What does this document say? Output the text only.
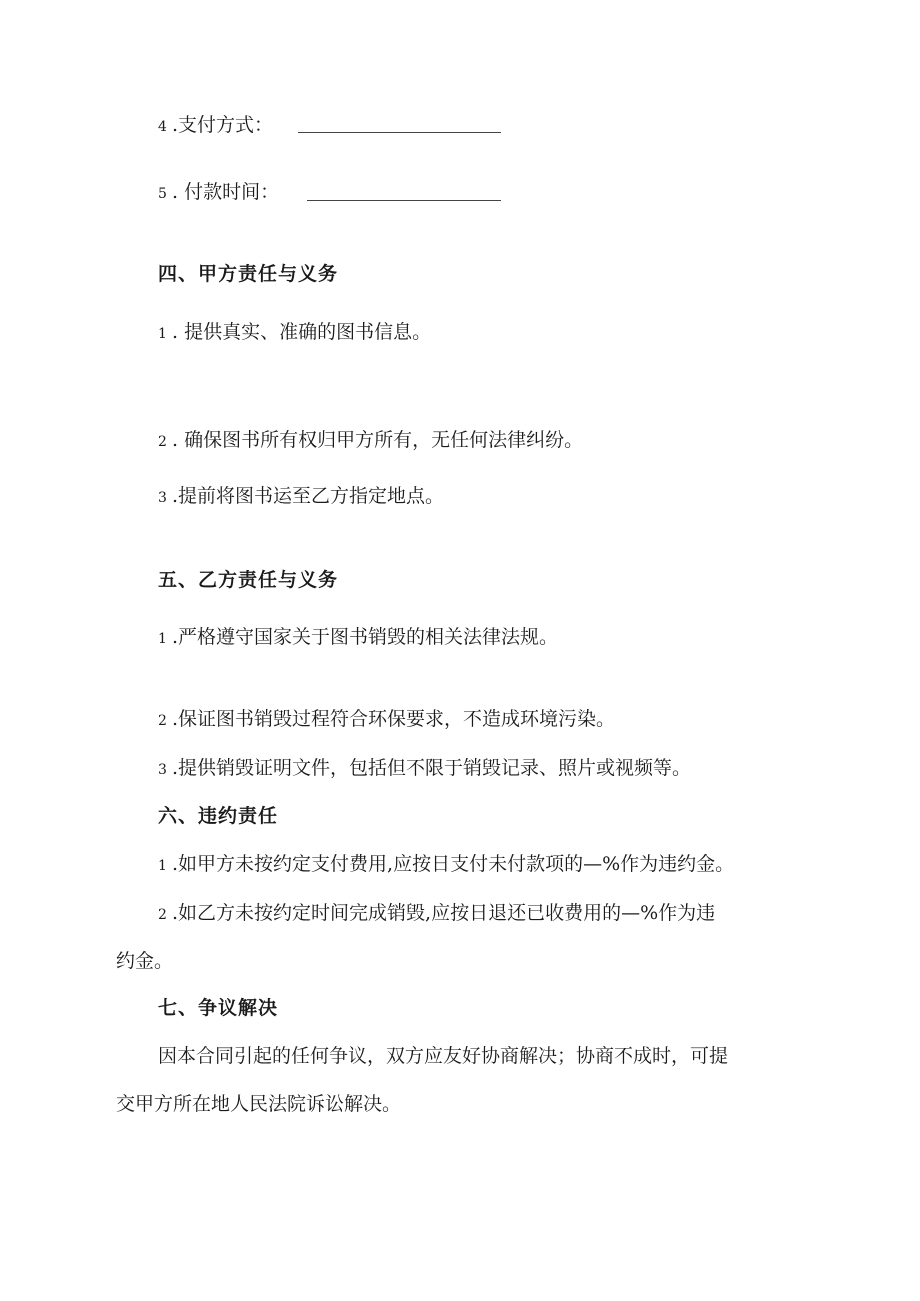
4 .支付方式：
5 . 付款时间：
四、甲方责任与义务
1 . 提供真实、准确的图书信息。
2 . 确保图书所有权归甲方所有，无任何法律纠纷。
3 .提前将图书运至乙方指定地点。
五、乙方责任与义务
1 .严格遵守国家关于图书销毁的相关法律法规。
2 .保证图书销毁过程符合环保要求，不造成环境污染。
3 .提供销毁证明文件，包括但不限于销毁记录、照片或视频等。
六、违约责任
1 .如甲方未按约定支付费用,应按日支付未付款项的—%作为违约金。
2 .如乙方未按约定时间完成销毁,应按日退还已收费用的—%作为违
约金。
七、争议解决
因本合同引起的任何争议，双方应友好协商解决；协商不成时，可提
交甲方所在地人民法院诉讼解决。
